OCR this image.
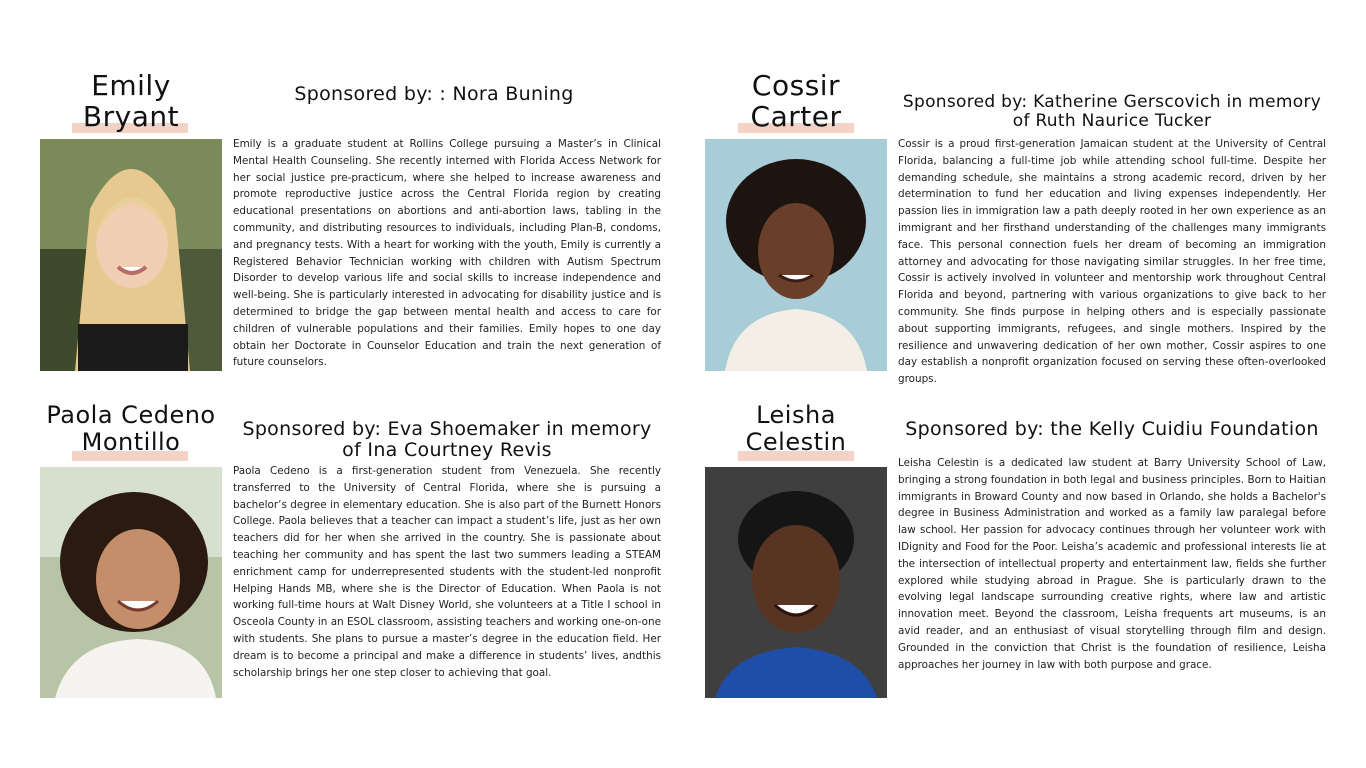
Emily
Bryant
Sponsored by: : Nora Buning
Emily is a graduate student at Rollins College pursuing a Master’s in Clinical Mental Health Counseling. She recently interned with Florida Access Network for her social justice pre-practicum, where she helped to increase awareness and promote reproductive justice across the Central Florida region by creating educational presentations on abortions and anti-abortion laws, tabling in the community, and distributing resources to individuals, including Plan-B, condoms, and pregnancy tests. With a heart for working with the youth, Emily is currently a Registered Behavior Technician working with children with Autism Spectrum Disorder to develop various life and social skills to increase independence and well-being. She is particularly interested in advocating for disability justice and is determined to bridge the gap between mental health and access to care for children of vulnerable populations and their families. Emily hopes to one day obtain her Doctorate in Counselor Education and train the next generation of future counselors.
Cossir
Carter	Sponsored by: Katherine Gerscovich in memory of Ruth Naurice Tucker
Cossir is a proud first-generation Jamaican student at the University of Central Florida, balancing a full-time job while attending school full-time. Despite her demanding schedule, she maintains a strong academic record, driven by her determination to fund her education and living expenses independently. Her passion lies in immigration law a path deeply rooted in her own experience as an immigrant and her firsthand understanding of the challenges many immigrants face. This personal connection fuels her dream of becoming an immigration attorney and advocating for those navigating similar struggles. In her free time, Cossir is actively involved in volunteer and mentorship work throughout Central Florida and beyond, partnering with various organizations to give back to her community. She finds purpose in helping others and is especially passionate about supporting immigrants, refugees, and single mothers. Inspired by the resilience and unwavering dedication of her own mother, Cossir aspires to one day establish a nonprofit organization focused on serving these often-overlooked groups.
Paola Cedeno
Montillo	Sponsored by: Eva Shoemaker in memory of Ina Courtney Revis
Paola Cedeno is a first-generation student from Venezuela. She recently transferred to the University of Central Florida, where she is pursuing a bachelor’s degree in elementary education. She is also part of the Burnett Honors College. Paola believes that a teacher can impact a student’s life, just as her own teachers did for her when she arrived in the country. She is passionate about teaching her community and has spent the last two summers leading a STEAM enrichment camp for underrepresented students with the student-led nonprofit Helping Hands MB, where she is the Director of Education. When Paola is not working full-time hours at Walt Disney World, she volunteers at a Title I school in Osceola County in an ESOL classroom, assisting teachers and working one-on-one with students. She plans to pursue a master’s degree in the education field. Her dream is to become a principal and make a difference in students’ lives, andthis scholarship brings her one step closer to achieving that goal.
Leisha
Celestin	Sponsored by: the Kelly Cuidiu Foundation
Leisha Celestin is a dedicated law student at Barry University School of Law, bringing a strong foundation in both legal and business principles. Born to Haitian immigrants in Broward County and now based in Orlando, she holds a Bachelor's degree in Business Administration and worked as a family law paralegal before law school. Her passion for advocacy continues through her volunteer work with IDignity and Food for the Poor. Leisha’s academic and professional interests lie at the intersection of intellectual property and entertainment law, fields she further explored while studying abroad in Prague. She is particularly drawn to the evolving legal landscape surrounding creative rights, where law and artistic innovation meet. Beyond the classroom, Leisha frequents art museums, is an avid reader, and an enthusiast of visual storytelling through film and design. Grounded in the conviction that Christ is the foundation of resilience, Leisha approaches her journey in law with both purpose and grace.
